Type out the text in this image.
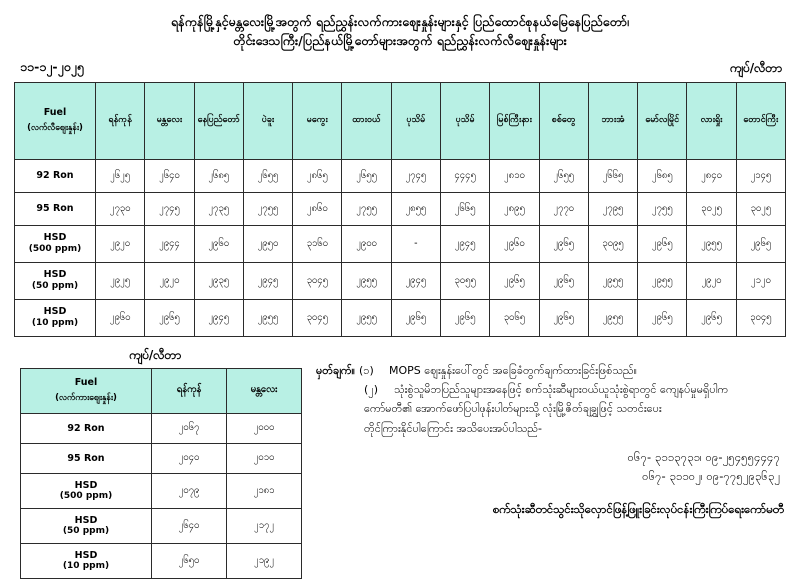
ရန်ကုန်မြို့နှင့်မန္တလေးမြို့အတွက် ရည်ညွှန်းလက်ကားဈေးနှုန်းများနှင့် ပြည်ထောင်စုနယ်မြေနေပြည်တော်၊
တိုင်းဒေသကြီး/ပြည်နယ်မြို့တော်များအတွက် ရည်ညွှန်းလက်လီဈေးနှုန်းများ
၁၁-၁၂-၂၀၂၅	ကျပ်/လီတာ
Fuel
(လက်လီဈေးနှုန်း)	ရန်ကုန်	မန္တလေး	နေပြည်တော်	ပဲခူး	မကွေး	ထားဝယ်	ပုသိမ်	ပုသိမ်	မြစ်ကြီးနား	စစ်တွေ	ဘားအံ	မော်လမြိုင်	လားရှိုး	တောင်ကြီး
92 Ron	၂၆၂၅	၂၆၄၀	၂၆၈၅	၂၆၅၅	၂၈၆၅	၂၆၅၅	၂၇၄၅	၄၄၄၅	၂၈၁၀	၂၆၅၅	၂၆၆၅	၂၆၈၅	၂၈၄၀	၂၁၄၅
95 Ron	၂၇၃၀	၂၇၄၅	၂၇၃၅	၂၇၅၅	၂၈၆၀	၂၇၅၅	၂၈၅၅	၂၆၆၅	၂၈၉၅	၂၇၇၀	၂၇၉၅	၂၇၅၅	၃၀၂၅	၃၀၂၅
HSD
(500 ppm)	၂၉၂၀	၂၉၄၄	၂၉၆၀	၂၉၅၀	၃၁၆၀	၂၉၀၀	-	၂၉၄၅	၂၉၆၀	၂၉၆၅	၃၀၉၅	၂၉၆၅	၂၉၅၅	၂၉၆၅
HSD
(50 ppm)	၂၉၂၅	၂၉၂၀	၂၉၃၅	၂၉၄၅	၃၀၄၅	၂၉၅၅	၂၉၄၅	၃၀၅၅	၂၉၆၅	၂၉၆၅	၂၉၅၅	၂၉၅၅	၂၉၂၀	၂၁၂၀
HSD
(10 ppm)	၂၉၆၀	၂၉၆၅	၂၉၄၅	၂၉၅၅	၃၀၄၅	၂၉၅၅	၂၉၆၅	၂၉၆၅	၃၀၆၅	၂၉၆၅	၂၉၅၅	၂၉၆၅	၂၉၆၅	၃၀၄၅
ကျပ်/လီတာ
Fuel
(လက်ကားဈေးနှုန်း)	ရန်ကုန်	မန္တလေး
92 Ron	၂၀၆၇	၂၀၀၀
95 Ron	၂၀၄၀	၂၀၁၀
HSD
(500 ppm)	၂၀၇၉	၂၁၈၁
HSD
(50 ppm)	၂၆၄၀	၂၁၇၂
HSD
(10 ppm)	၂၆၅၀	၂၁၉၂
မှတ်ချက်။ (၁)	MOPS ဈေးနှုန်းပေါ်တွင် အခြေခံတွက်ချက်ထားခြင်းဖြစ်သည်။
(၂)	သုံးစွဲသူမိဘပြည်သူများအနေဖြင့် စက်သုံးဆီများဝယ်ယူသုံးစွဲရာတွင် ကျေနပ်မှုမရှိပါက
ကော်မတီ၏ အောက်ဖော်ပြပါဖုန်းပါတ်များသို့ လုံးမြို့ဇိတ်ချချွှဖြင့် သတင်းပေး
တိုင်ကြားနိုင်ပါကြောင်း အသိပေးအပ်ပါသည်-
၀၆၇- ၃၁၁၃၇၃၁၊ ၀၉-၂၅၄၅၅၄၄၄၇
၀၆၇- ၃၁၁၀၂၊ ၀၉-၇၇၅၂၉၃၆၃၂
စက်သုံးဆီတင်သွင်းသိုလှောင်ဖြန့်ဖြူးခြင်းလုပ်ငန်းကြီးကြပ်ရေးကော်မတီ
